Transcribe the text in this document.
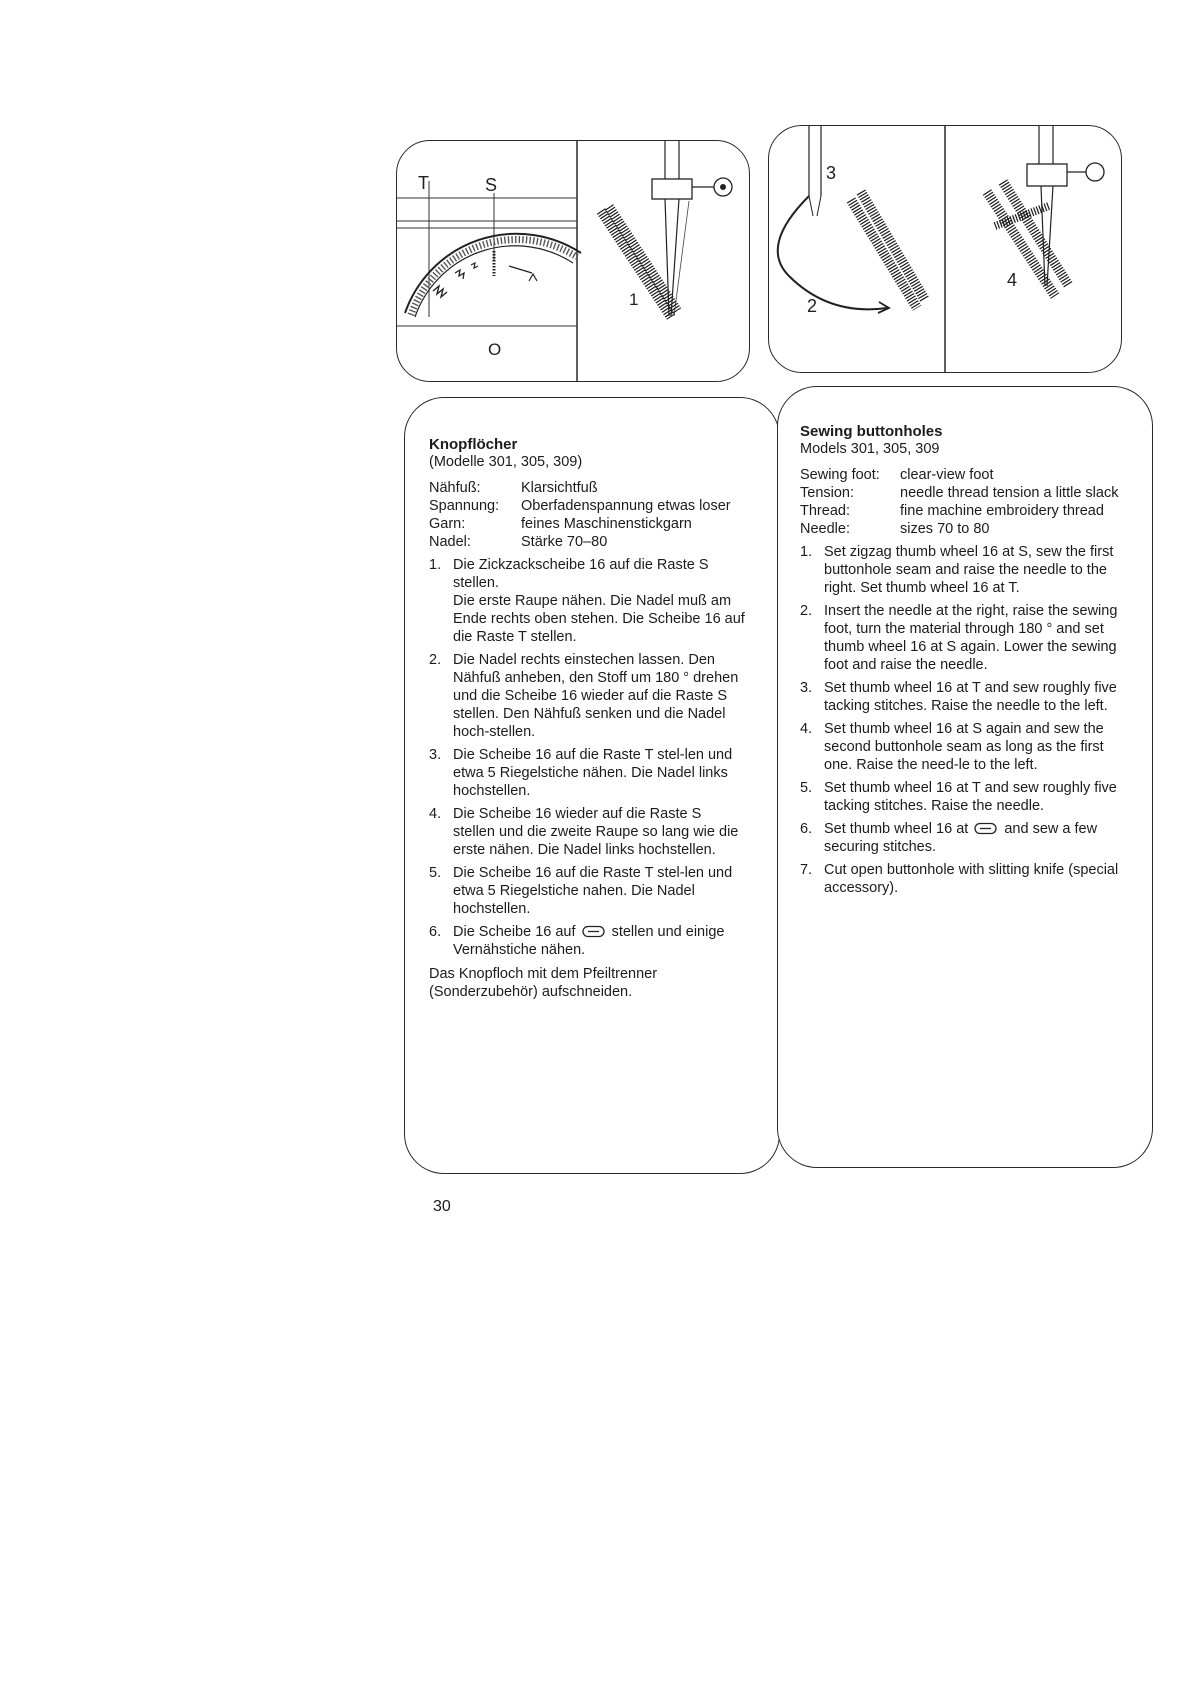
T	S
O
1
3
2
4
Knopflöcher
(Modelle 301, 305, 309)
Nähfuß:	Klarsichtfuß
Spannung:	Oberfadenspannung etwas loser
Garn:	feines Maschinenstickgarn
Nadel:	Stärke 70–80
1. Die Zickzackscheibe 16 auf die Raste S stellen.
Die erste Raupe nähen. Die Nadel muß am Ende rechts oben stehen. Die Scheibe 16 auf die Raste T stellen.
2. Die Nadel rechts einstechen lassen. Den Nähfuß anheben, den Stoff um 180 ° drehen und die Scheibe 16 wieder auf die Raste S stellen. Den Nähfuß senken und die Nadel hoch-stellen.
3. Die Scheibe 16 auf die Raste T stel-len und etwa 5 Riegelstiche nähen. Die Nadel links hochstellen.
4. Die Scheibe 16 wieder auf die Raste S stellen und die zweite Raupe so lang wie die erste nähen. Die Nadel links hochstellen.
5. Die Scheibe 16 auf die Raste T stel-len und etwa 5 Riegelstiche nahen. Die Nadel hochstellen.
6. Die Scheibe 16 auf stellen und einige Vernähstiche nähen.
Das Knopfloch mit dem Pfeiltrenner (Sonderzubehör) aufschneiden.
Sewing buttonholes
Models 301, 305, 309
Sewing foot:	clear-view foot
Tension:	needle thread tension a little slack
Thread:	fine machine embroidery thread
Needle:	sizes 70 to 80
1. Set zigzag thumb wheel 16 at S, sew the first buttonhole seam and raise the needle to the right. Set thumb wheel 16 at T.
2. Insert the needle at the right, raise the sewing foot, turn the material through 180 ° and set thumb wheel 16 at S again. Lower the sewing foot and raise the needle.
3. Set thumb wheel 16 at T and sew roughly five tacking stitches. Raise the needle to the left.
4. Set thumb wheel 16 at S again and sew the second buttonhole seam as long as the first one. Raise the need-le to the left.
5. Set thumb wheel 16 at T and sew roughly five tacking stitches. Raise the needle.
6. Set thumb wheel 16 at and sew a few securing stitches.
7. Cut open buttonhole with slitting knife (special accessory).
30
